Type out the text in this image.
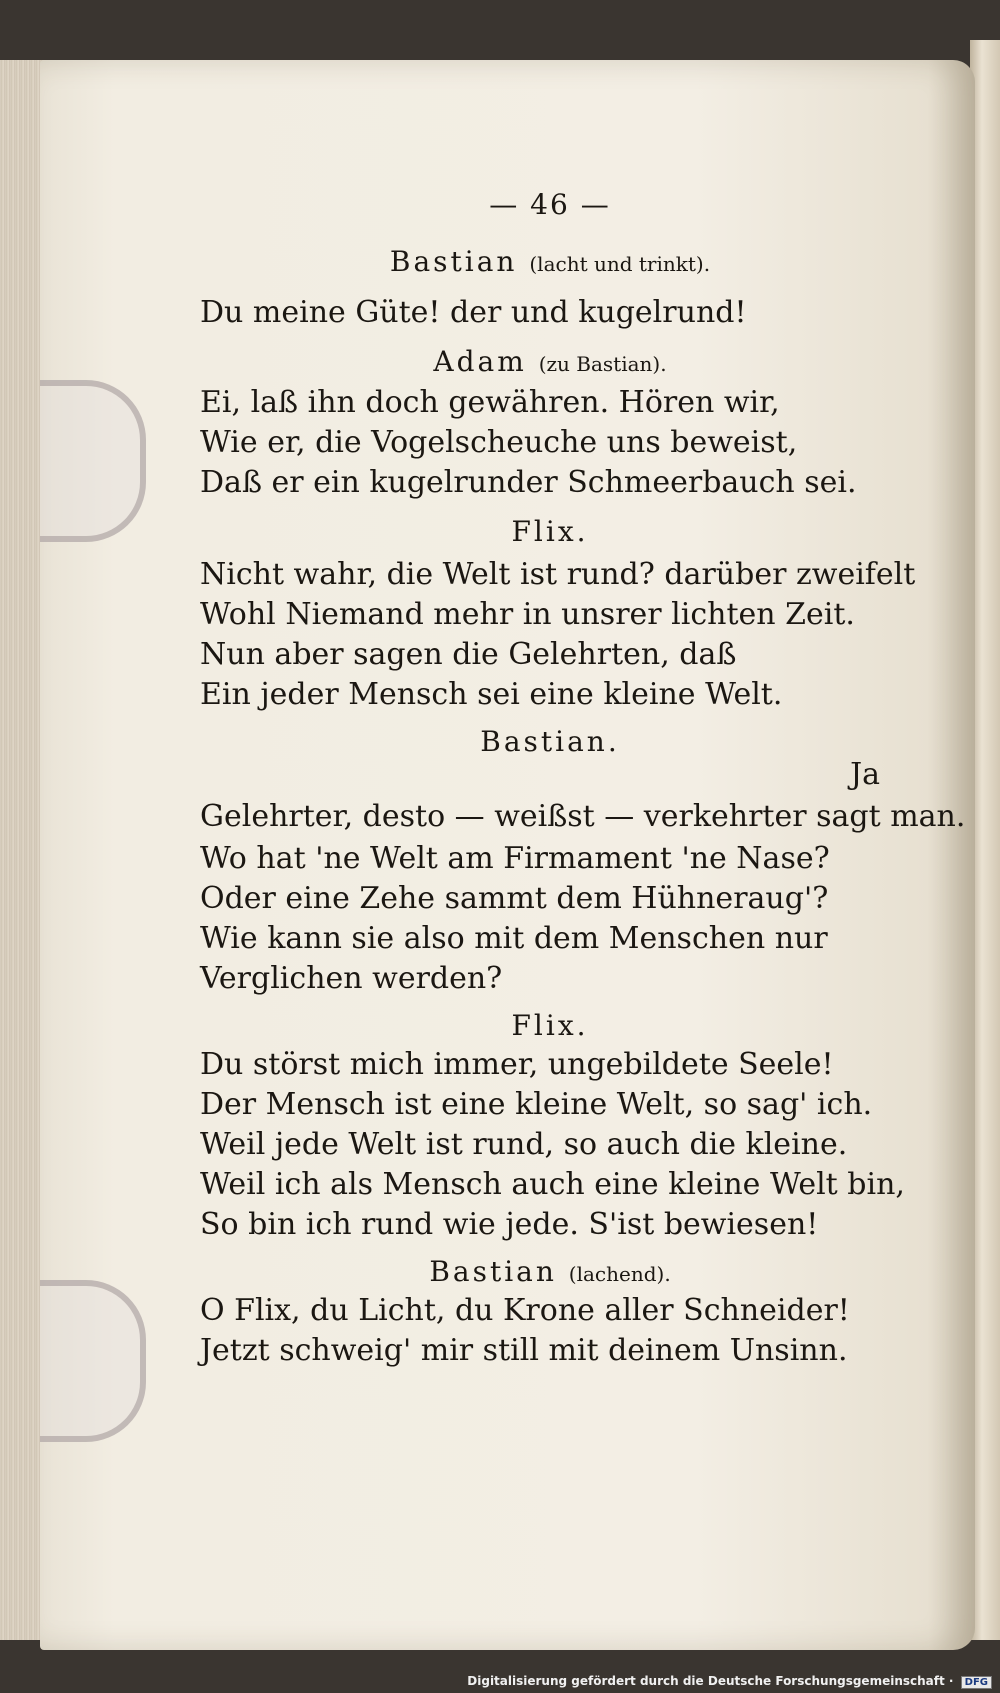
— 46 —
Bastian (lacht und trinkt).
Du meine Güte! der und kugelrund!
Adam (zu Bastian).
Ei, laß ihn doch gewähren. Hören wir,
Wie er, die Vogelscheuche uns beweist,
Daß er ein kugelrunder Schmeerbauch sei.
Flix.
Nicht wahr, die Welt ist rund? darüber zweifelt
Wohl Niemand mehr in unsrer lichten Zeit.
Nun aber sagen die Gelehrten, daß
Ein jeder Mensch sei eine kleine Welt.
Bastian.
Ja
Gelehrter, desto — weißst — verkehrter sagt man.
Wo hat 'ne Welt am Firmament 'ne Nase?
Oder eine Zehe sammt dem Hühneraug'?
Wie kann sie also mit dem Menschen nur
Verglichen werden?
Flix.
Du störst mich immer, ungebildete Seele!
Der Mensch ist eine kleine Welt, so sag' ich.
Weil jede Welt ist rund, so auch die kleine.
Weil ich als Mensch auch eine kleine Welt bin,
So bin ich rund wie jede. S'ist bewiesen!
Bastian (lachend).
O Flix, du Licht, du Krone aller Schneider!
Jetzt schweig' mir still mit deinem Unsinn.
Digitalisierung gefördert durch die Deutsche Forschungsgemeinschaft · DFG
